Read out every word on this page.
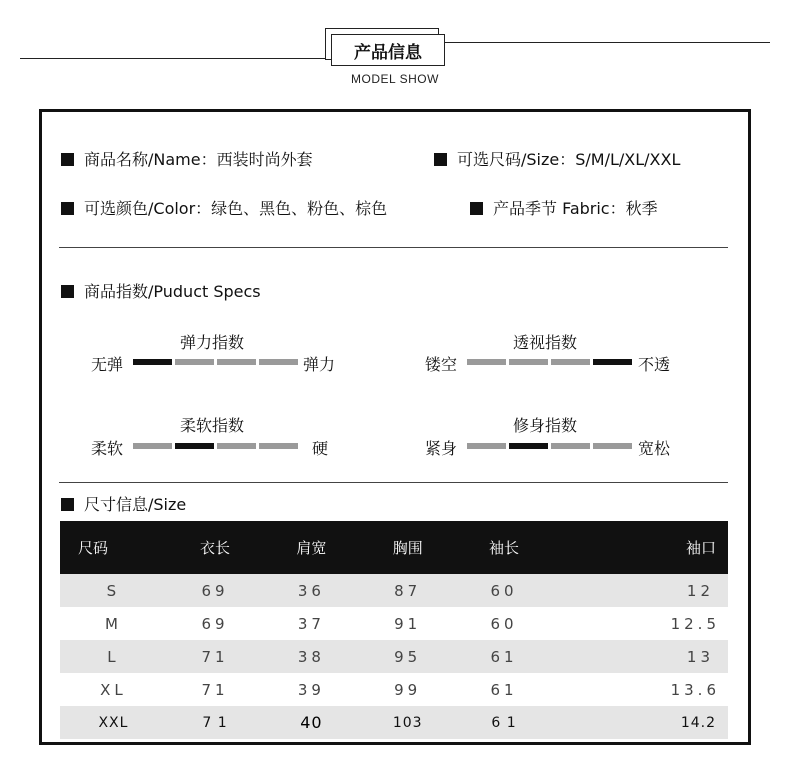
产品信息
MODEL SHOW
商品名称/Name：西装时尚外套	可选尺码/Size：S/M/L/XL/XXL
可选颜色/Color：绿色、黑色、粉色、棕色	产品季节 Fabric：秋季
商品指数/Puduct Specs
弹力指数
无弹	弹力
透视指数
镂空	不透
柔软指数
柔软	硬
修身指数
紧身	宽松
尺寸信息/Size
尺码	衣长	肩宽	胸围	袖长	袖口
S	69	36	87	60	12
M	69	37	91	60	12.5
L	71	38	95	61	13
XL	71	39	99	61	13.6
XXL	7 1	40	103	6 1	14.2
